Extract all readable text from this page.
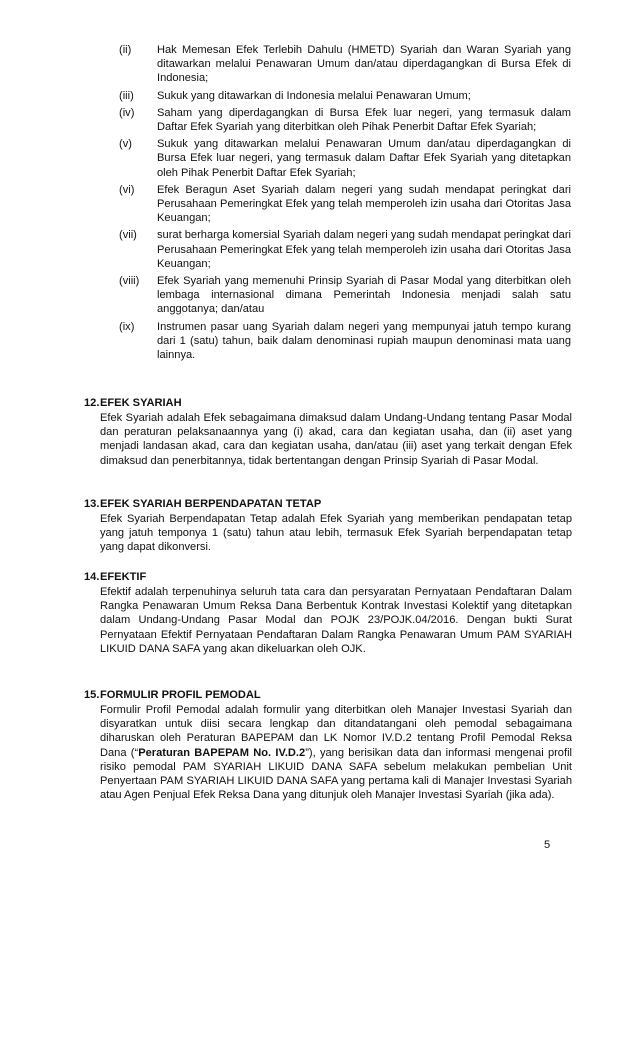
(ii) Hak Memesan Efek Terlebih Dahulu (HMETD) Syariah dan Waran Syariah yang ditawarkan melalui Penawaran Umum dan/atau diperdagangkan di Bursa Efek di Indonesia;
(iii) Sukuk yang ditawarkan di Indonesia melalui Penawaran Umum;
(iv) Saham yang diperdagangkan di Bursa Efek luar negeri, yang termasuk dalam Daftar Efek Syariah yang diterbitkan oleh Pihak Penerbit Daftar Efek Syariah;
(v) Sukuk yang ditawarkan melalui Penawaran Umum dan/atau diperdagangkan di Bursa Efek luar negeri, yang termasuk dalam Daftar Efek Syariah yang ditetapkan oleh Pihak Penerbit Daftar Efek Syariah;
(vi) Efek Beragun Aset Syariah dalam negeri yang sudah mendapat peringkat dari Perusahaan Pemeringkat Efek yang telah memperoleh izin usaha dari Otoritas Jasa Keuangan;
(vii) surat berharga komersial Syariah dalam negeri yang sudah mendapat peringkat dari Perusahaan Pemeringkat Efek yang telah memperoleh izin usaha dari Otoritas Jasa Keuangan;
(viii) Efek Syariah yang memenuhi Prinsip Syariah di Pasar Modal yang diterbitkan oleh lembaga internasional dimana Pemerintah Indonesia menjadi salah satu anggotanya; dan/atau
(ix) Instrumen pasar uang Syariah dalam negeri yang mempunyai jatuh tempo kurang dari 1 (satu) tahun, baik dalam denominasi rupiah maupun denominasi mata uang lainnya.
12. EFEK SYARIAH
Efek Syariah adalah Efek sebagaimana dimaksud dalam Undang-Undang tentang Pasar Modal dan peraturan pelaksanaannya yang (i) akad, cara dan kegiatan usaha, dan (ii) aset yang menjadi landasan akad, cara dan kegiatan usaha, dan/atau (iii) aset yang terkait dengan Efek dimaksud dan penerbitannya, tidak bertentangan dengan Prinsip Syariah di Pasar Modal.
13. EFEK SYARIAH BERPENDAPATAN TETAP
Efek Syariah Berpendapatan Tetap adalah Efek Syariah yang memberikan pendapatan tetap yang jatuh temponya 1 (satu) tahun atau lebih, termasuk Efek Syariah berpendapatan tetap yang dapat dikonversi.
14. EFEKTIF
Efektif adalah terpenuhinya seluruh tata cara dan persyaratan Pernyataan Pendaftaran Dalam Rangka Penawaran Umum Reksa Dana Berbentuk Kontrak Investasi Kolektif yang ditetapkan dalam Undang-Undang Pasar Modal dan POJK 23/POJK.04/2016. Dengan bukti Surat Pernyataan Efektif Pernyataan Pendaftaran Dalam Rangka Penawaran Umum PAM SYARIAH LIKUID DANA SAFA yang akan dikeluarkan oleh OJK.
15. FORMULIR PROFIL PEMODAL
Formulir Profil Pemodal adalah formulir yang diterbitkan oleh Manajer Investasi Syariah dan disyaratkan untuk diisi secara lengkap dan ditandatangani oleh pemodal sebagaimana diharuskan oleh Peraturan BAPEPAM dan LK Nomor IV.D.2 tentang Profil Pemodal Reksa Dana (“Peraturan BAPEPAM No. IV.D.2”), yang berisikan data dan informasi mengenai profil risiko pemodal PAM SYARIAH LIKUID DANA SAFA sebelum melakukan pembelian Unit Penyertaan PAM SYARIAH LIKUID DANA SAFA yang pertama kali di Manajer Investasi Syariah atau Agen Penjual Efek Reksa Dana yang ditunjuk oleh Manajer Investasi Syariah (jika ada).
5
